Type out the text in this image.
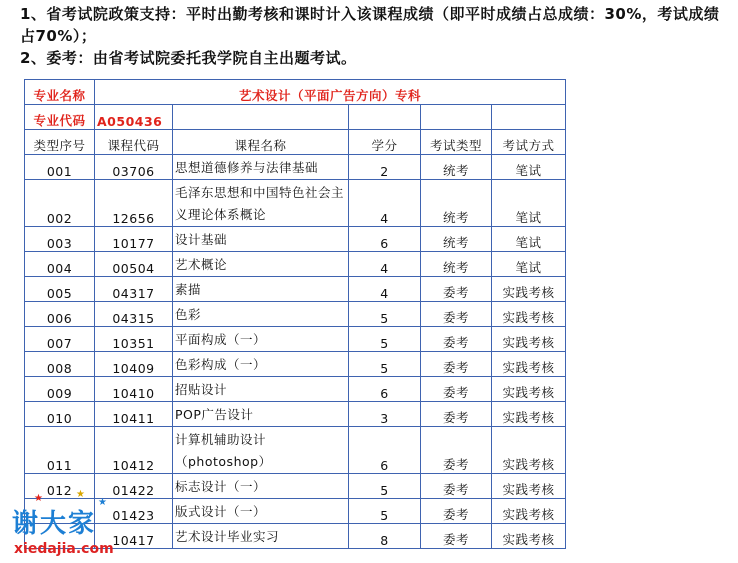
1、省考试院政策支持：平时出勤考核和课时计入该课程成绩（即平时成绩占总成绩：30%，考试成绩占70%）；

2、委考：由省考试院委托我学院自主出题考试。

专业名称	艺术设计（平面广告方向）专科				
专业代码	A050436				
类型序号	课程代码	课程名称	学分	考试类型	考试方式
001	03706	思想道德修养与法律基础	2	统考	笔试
002	12656	毛泽东思想和中国特色社会主义理论体系概论	4	统考	笔试
003	10177	设计基础	6	统考	笔试
004	00504	艺术概论	4	统考	笔试
005	04317	素描	4	委考	实践考核
006	04315	色彩	5	委考	实践考核
007	10351	平面构成（一）	5	委考	实践考核
008	10409	色彩构成（一）	5	委考	实践考核
009	10410	招贴设计	6	委考	实践考核
010	10411	POP广告设计	3	委考	实践考核
011	10412	计算机辅助设计（photoshop）	6	委考	实践考核
012	01422	标志设计（一）	5	委考	实践考核
	01423	版式设计（一）	5	委考	实践考核
	10417	艺术设计毕业实习	8	委考	实践考核
★	★
★
谢大家
xiedajia.com
